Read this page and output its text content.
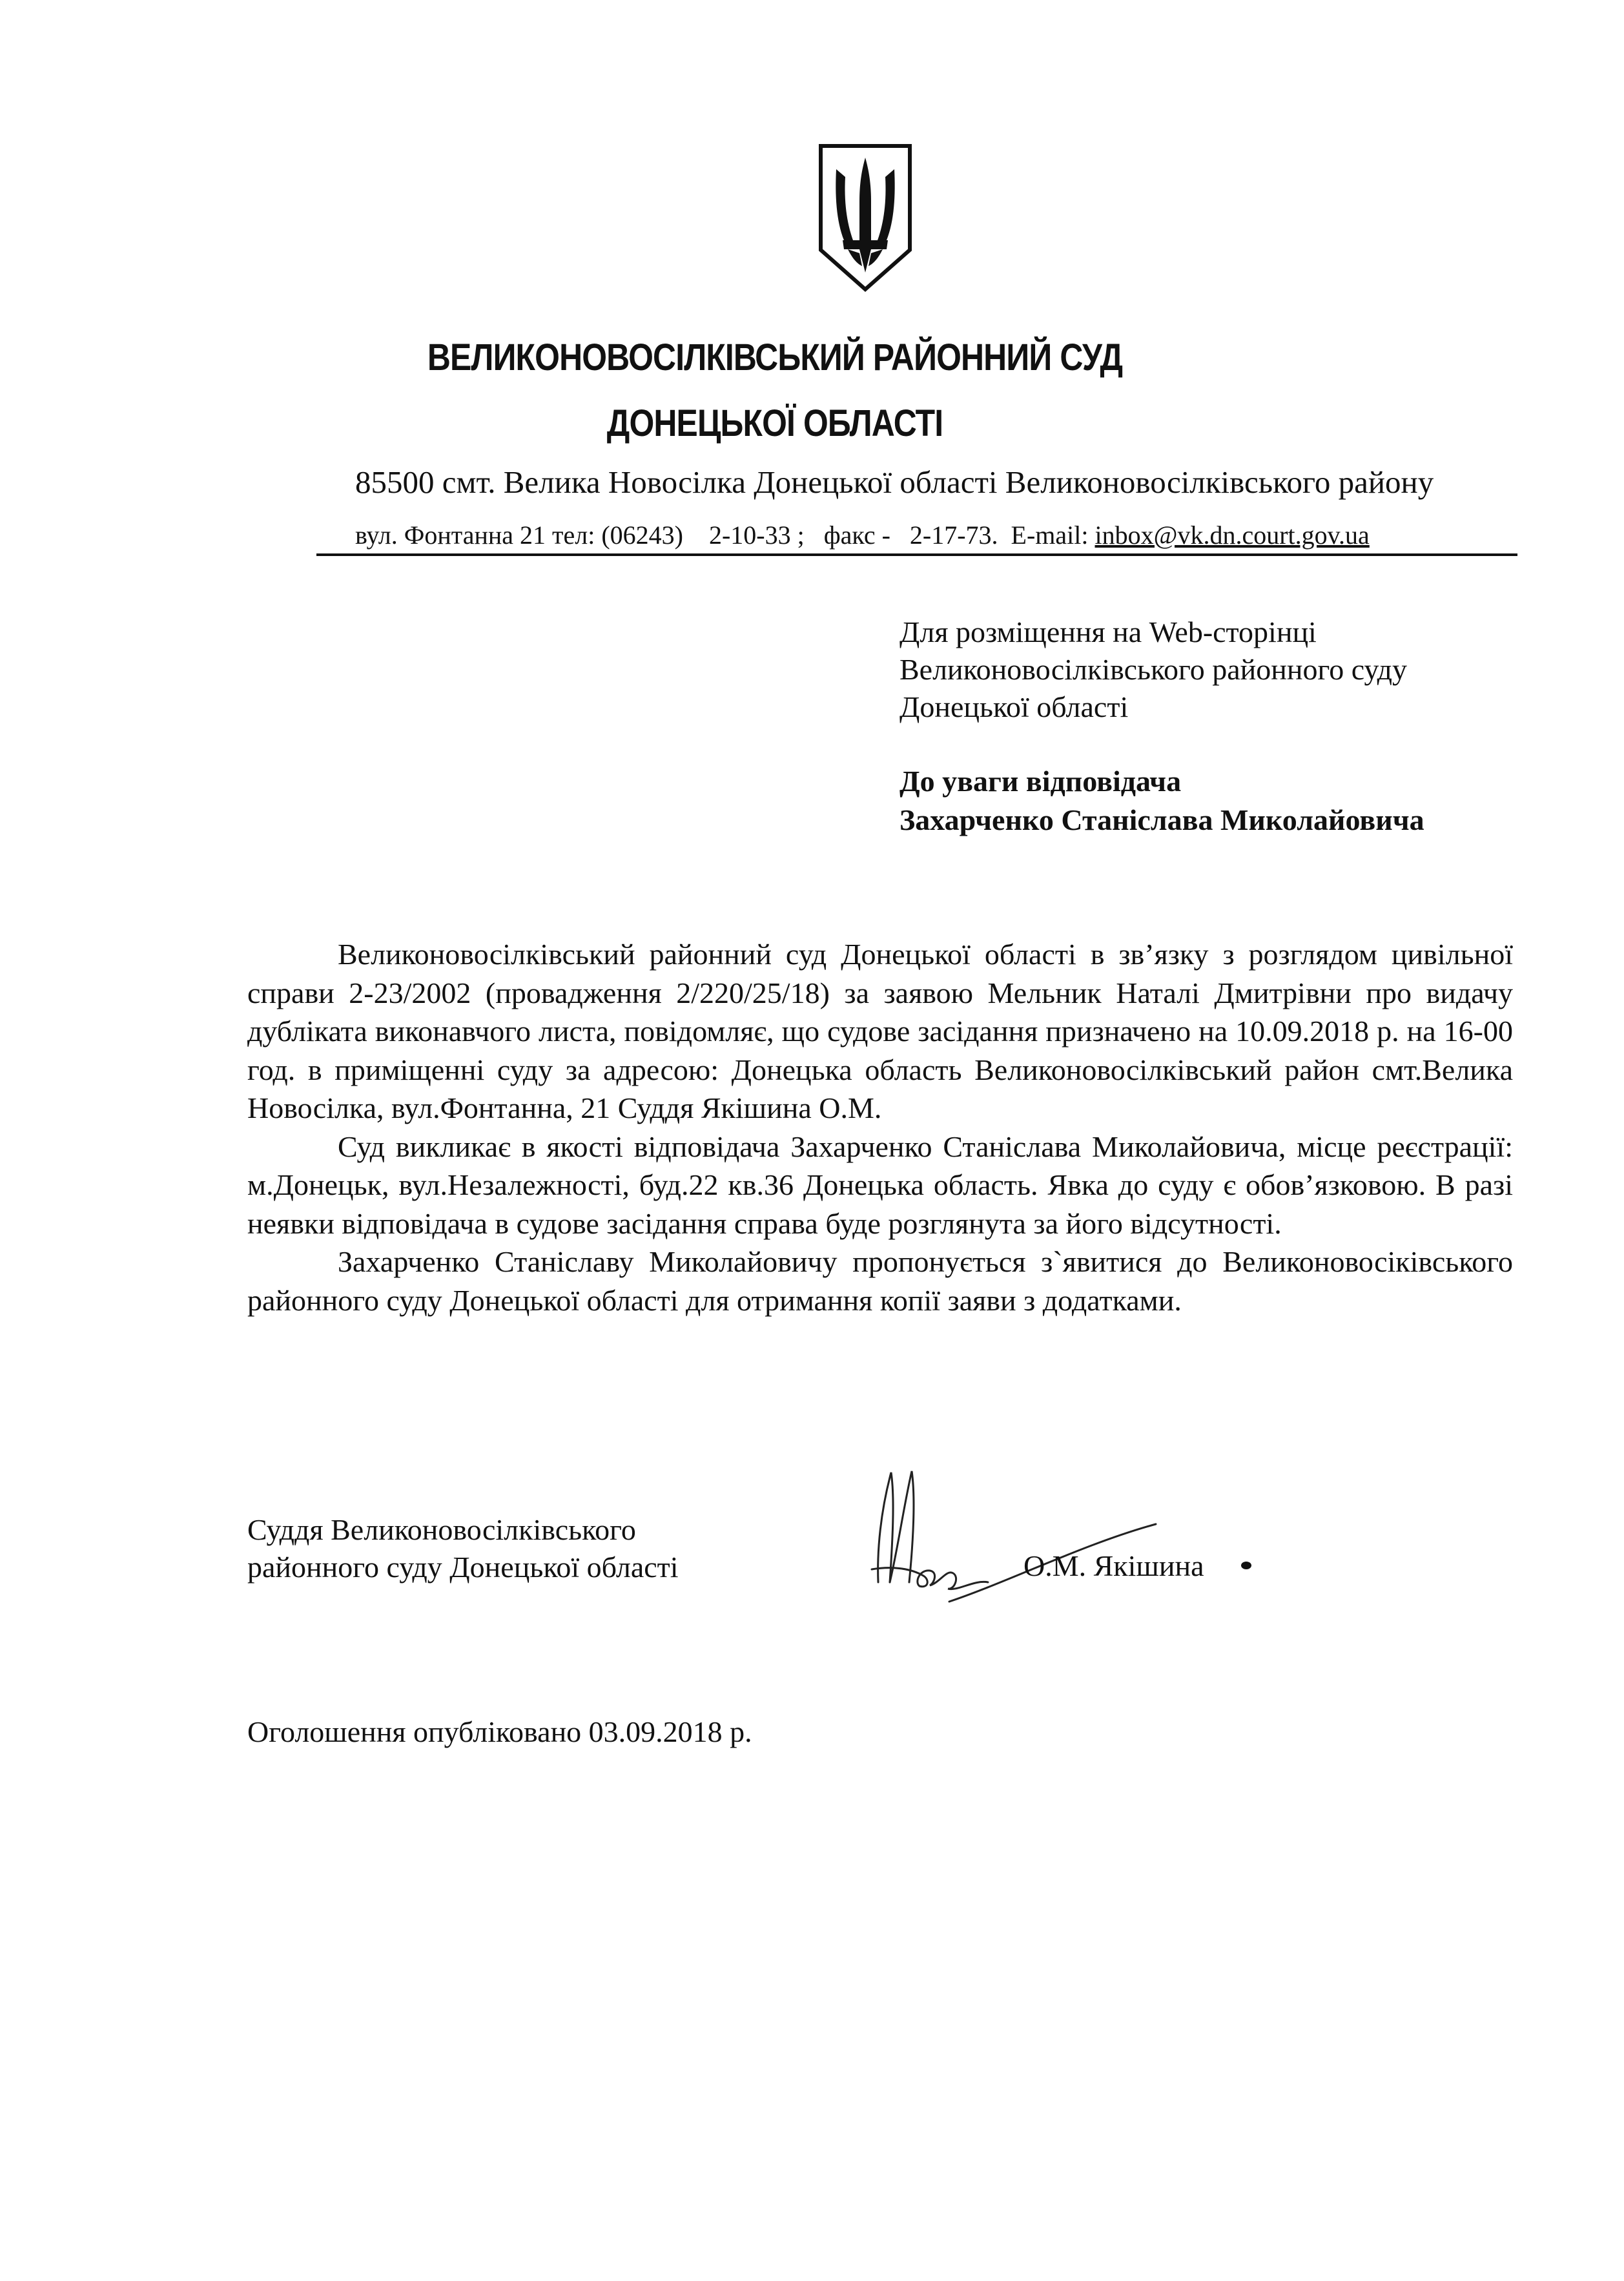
ВЕЛИКОНОВОСІЛКІВСЬКИЙ РАЙОННИЙ СУД
ДОНЕЦЬКОЇ ОБЛАСТІ
85500 смт. Велика Новосілка Донецької області Великоновосілківського району
вул. Фонтанна 21 тел: (06243)    2-10-33 ;   факс -   2-17-73.  E-mail: inbox@vk.dn.court.gov.ua
Для розміщення на Web-сторінці
Великоновосілківського районного суду
Донецької області
До уваги відповідача
Захарченко Станіслава Миколайовича

Великоновосілківський районний суд Донецької області в зв’язку з розглядом цивільної справи 2-23/2002 (провадження 2/220/25/18) за заявою Мельник Наталі Дмитрівни про видачу дубліката виконавчого листа, повідомляє, що судове засідання призначено на 10.09.2018 р. на 16-00 год. в приміщенні суду за адресою: Донецька область Великоновосілківський район смт.Велика Новосілка, вул.Фонтанна, 21 Суддя Якішина О.М.

Суд викликає в якості відповідача Захарченко Станіслава Миколайовича, місце реєстрації: м.Донецьк, вул.Незалежності, буд.22 кв.36 Донецька область. Явка до суду є обов’язковою. В разі неявки відповідача в судове засідання справа буде розглянута за його відсутності.

Захарченко Станіславу Миколайовичу пропонується з`явитися до Великоновосіківського районного суду Донецької області для отримання копії заяви з додатками.

Суддя Великоновосілківського
районного суду Донецької області	О.М. Якішина
Оголошення опубліковано 03.09.2018 р.
